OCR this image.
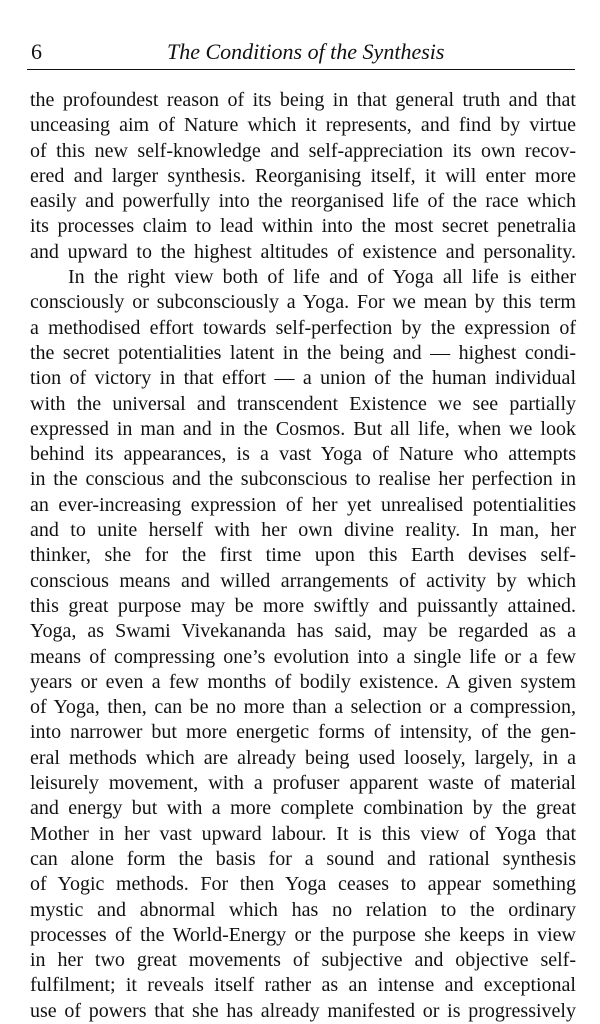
6	The Conditions of the Synthesis
the profoundest reason of its being in that general truth and that
unceasing aim of Nature which it represents, and find by virtue
of this new self-knowledge and self-appreciation its own recov-
ered and larger synthesis. Reorganising itself, it will enter more
easily and powerfully into the reorganised life of the race which
its processes claim to lead within into the most secret penetralia
and upward to the highest altitudes of existence and personality.
In the right view both of life and of Yoga all life is either
consciously or subconsciously a Yoga. For we mean by this term
a methodised effort towards self-perfection by the expression of
the secret potentialities latent in the being and — highest condi-
tion of victory in that effort — a union of the human individual
with the universal and transcendent Existence we see partially
expressed in man and in the Cosmos. But all life, when we look
behind its appearances, is a vast Yoga of Nature who attempts
in the conscious and the subconscious to realise her perfection in
an ever-increasing expression of her yet unrealised potentialities
and to unite herself with her own divine reality. In man, her
thinker, she for the first time upon this Earth devises self-
conscious means and willed arrangements of activity by which
this great purpose may be more swiftly and puissantly attained.
Yoga, as Swami Vivekananda has said, may be regarded as a
means of compressing one’s evolution into a single life or a few
years or even a few months of bodily existence. A given system
of Yoga, then, can be no more than a selection or a compression,
into narrower but more energetic forms of intensity, of the gen-
eral methods which are already being used loosely, largely, in a
leisurely movement, with a profuser apparent waste of material
and energy but with a more complete combination by the great
Mother in her vast upward labour. It is this view of Yoga that
can alone form the basis for a sound and rational synthesis
of Yogic methods. For then Yoga ceases to appear something
mystic and abnormal which has no relation to the ordinary
processes of the World-Energy or the purpose she keeps in view
in her two great movements of subjective and objective self-
fulfilment; it reveals itself rather as an intense and exceptional
use of powers that she has already manifested or is progressively
